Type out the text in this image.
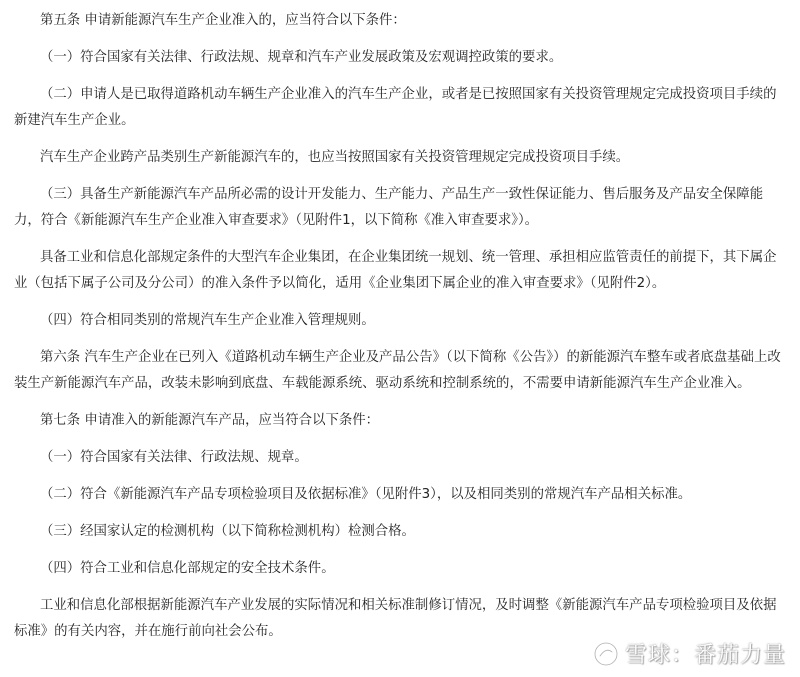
第五条 申请新能源汽车生产企业准入的，应当符合以下条件：

（一）符合国家有关法律、行政法规、规章和汽车产业发展政策及宏观调控政策的要求。

（二）申请人是已取得道路机动车辆生产企业准入的汽车生产企业，或者是已按照国家有关投资管理规定完成投资项目手续的新建汽车生产企业。

汽车生产企业跨产品类别生产新能源汽车的，也应当按照国家有关投资管理规定完成投资项目手续。

（三）具备生产新能源汽车产品所必需的设计开发能力、生产能力、产品生产一致性保证能力、售后服务及产品安全保障能力，符合《新能源汽车生产企业准入审查要求》（见附件1，以下简称《准入审查要求》）。

具备工业和信息化部规定条件的大型汽车企业集团，在企业集团统一规划、统一管理、承担相应监管责任的前提下，其下属企业（包括下属子公司及分公司）的准入条件予以简化，适用《企业集团下属企业的准入审查要求》（见附件2）。

（四）符合相同类别的常规汽车生产企业准入管理规则。

第六条 汽车生产企业在已列入《道路机动车辆生产企业及产品公告》（以下简称《公告》）的新能源汽车整车或者底盘基础上改装生产新能源汽车产品，改装未影响到底盘、车载能源系统、驱动系统和控制系统的，不需要申请新能源汽车生产企业准入。

第七条 申请准入的新能源汽车产品，应当符合以下条件：

（一）符合国家有关法律、行政法规、规章。

（二）符合《新能源汽车产品专项检验项目及依据标准》（见附件3），以及相同类别的常规汽车产品相关标准。

（三）经国家认定的检测机构（以下简称检测机构）检测合格。

（四）符合工业和信息化部规定的安全技术条件。

工业和信息化部根据新能源汽车产业发展的实际情况和相关标准制修订情况，及时调整《新能源汽车产品专项检验项目及依据标准》的有关内容，并在施行前向社会公布。

雪球：番茄力量
